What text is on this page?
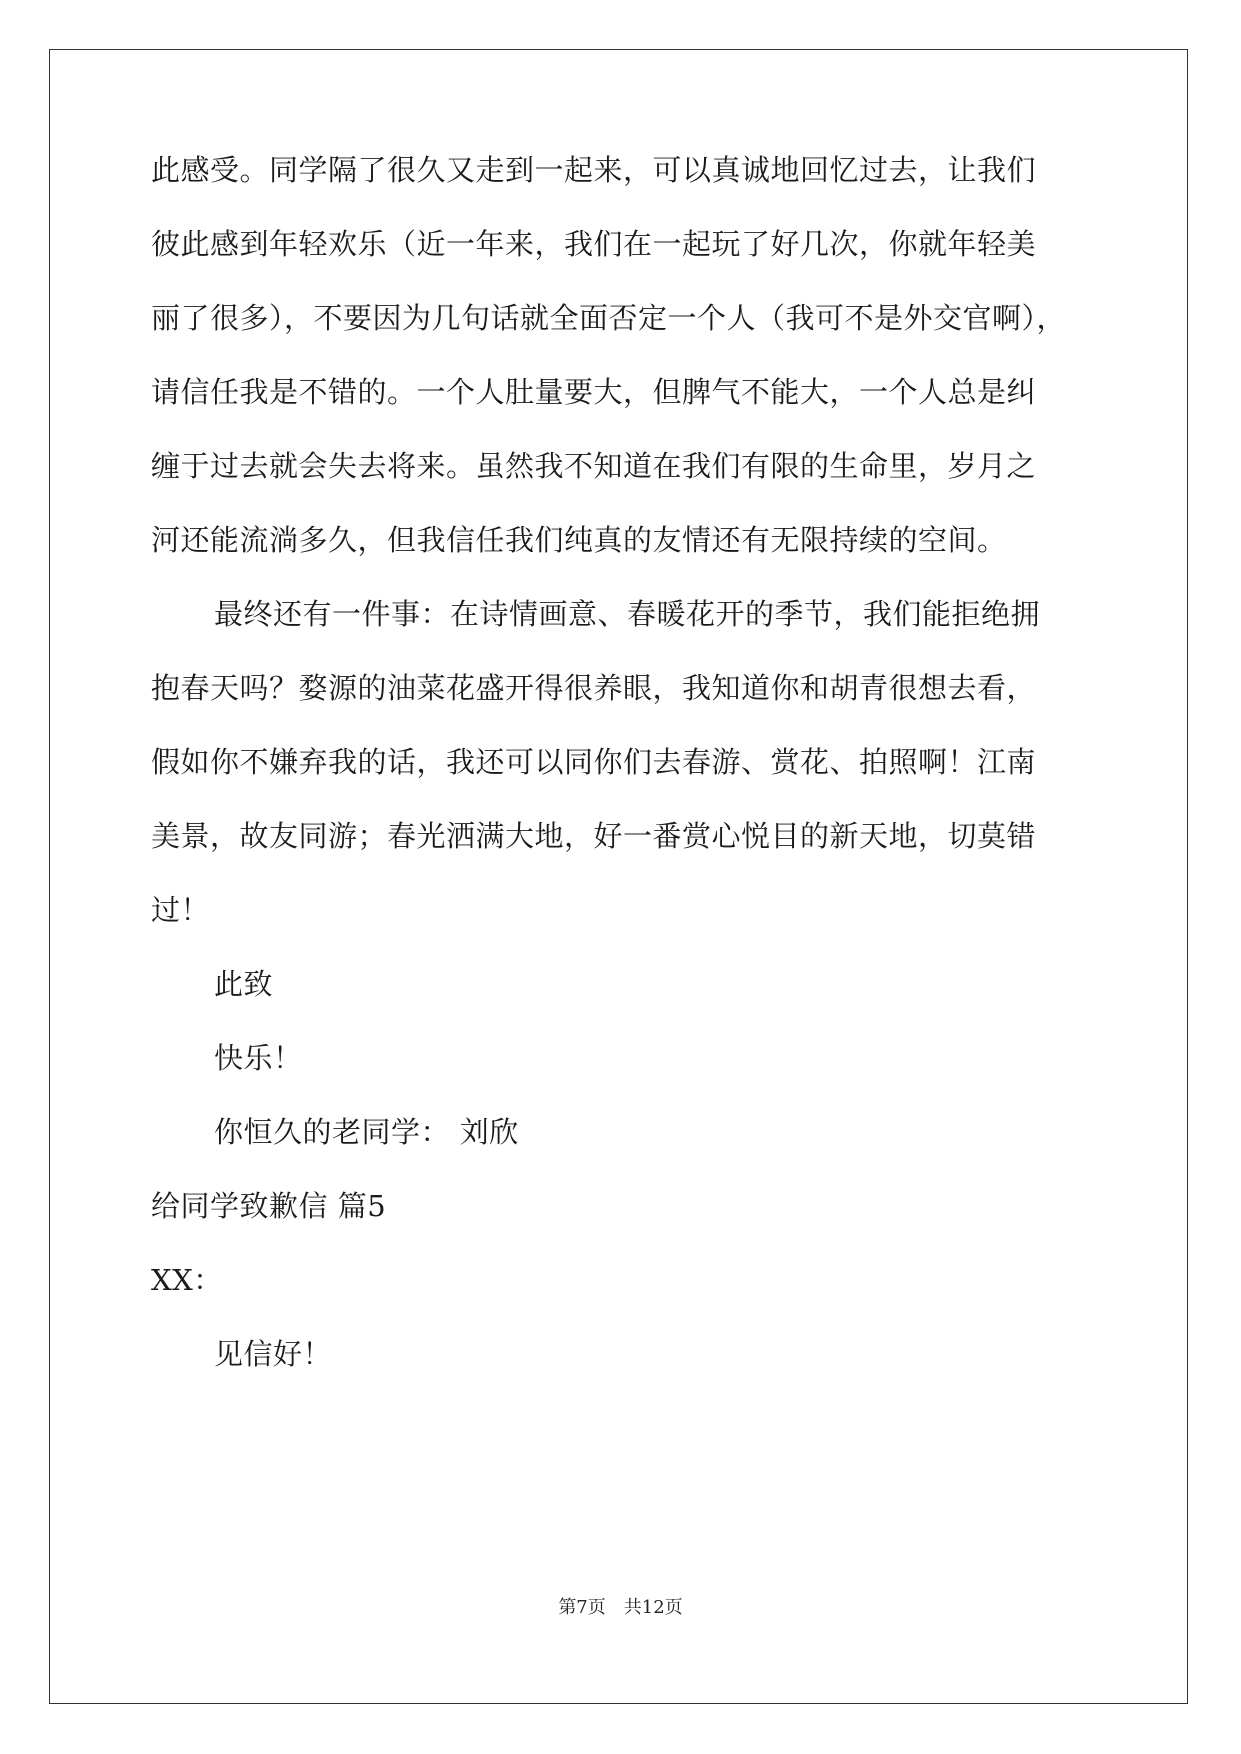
此感受。同学隔了很久又走到一起来，可以真诚地回忆过去，让我们
彼此感到年轻欢乐（近一年来，我们在一起玩了好几次，你就年轻美
丽了很多），不要因为几句话就全面否定一个人（我可不是外交官啊），
请信任我是不错的。一个人肚量要大，但脾气不能大，一个人总是纠
缠于过去就会失去将来。虽然我不知道在我们有限的生命里，岁月之
河还能流淌多久，但我信任我们纯真的友情还有无限持续的空间。
最终还有一件事：在诗情画意、春暖花开的季节，我们能拒绝拥
抱春天吗？婺源的油菜花盛开得很养眼，我知道你和胡青很想去看，
假如你不嫌弃我的话，我还可以同你们去春游、赏花、拍照啊！江南
美景，故友同游；春光洒满大地，好一番赏心悦目的新天地，切莫错
过！
此致
快乐！
你恒久的老同学： 刘欣
给同学致歉信 篇5
XX：
见信好！
第7页 共12页
